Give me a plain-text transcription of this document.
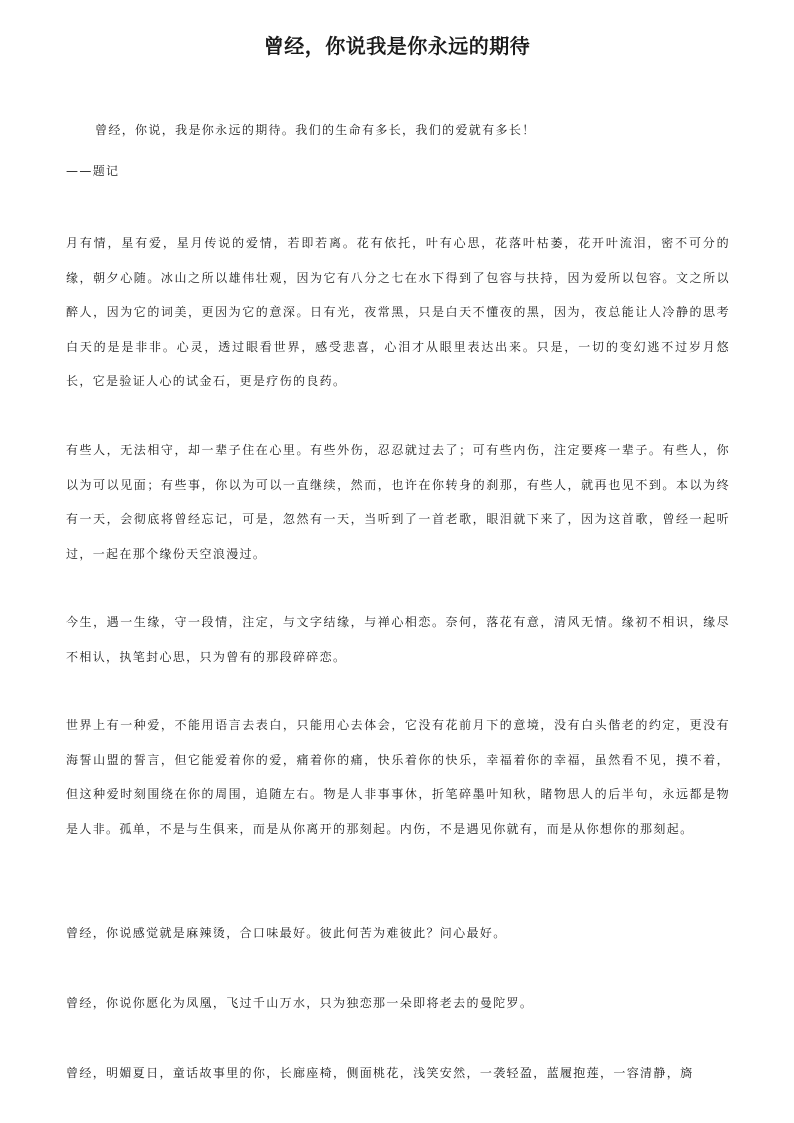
曾经，你说我是你永远的期待

曾经，你说，我是你永远的期待。我们的生命有多长，我们的爱就有多长！

——题记

月有情，星有爱，星月传说的爱情，若即若离。花有依托，叶有心思，花落叶枯萎，花开叶流泪，密不可分的缘，朝夕心随。冰山之所以雄伟壮观，因为它有八分之七在水下得到了包容与扶持，因为爱所以包容。文之所以醉人，因为它的词美，更因为它的意深。日有光，夜常黑，只是白天不懂夜的黑，因为，夜总能让人冷静的思考白天的是是非非。心灵，透过眼看世界，感受悲喜，心泪才从眼里表达出来。只是，一切的变幻逃不过岁月悠长，它是验证人心的试金石，更是疗伤的良药。

有些人，无法相守，却一辈子住在心里。有些外伤，忍忍就过去了；可有些内伤，注定要疼一辈子。有些人，你以为可以见面；有些事，你以为可以一直继续，然而，也许在你转身的刹那，有些人，就再也见不到。本以为终有一天，会彻底将曾经忘记，可是，忽然有一天，当听到了一首老歌，眼泪就下来了，因为这首歌，曾经一起听过，一起在那个缘份天空浪漫过。

今生，遇一生缘，守一段情，注定，与文字结缘，与禅心相恋。奈何，落花有意，清风无情。缘初不相识，缘尽不相认，执笔封心思，只为曾有的那段碎碎恋。

世界上有一种爱，不能用语言去表白，只能用心去体会，它没有花前月下的意境，没有白头偕老的约定，更没有海誓山盟的誓言，但它能爱着你的爱，痛着你的痛，快乐着你的快乐，幸福着你的幸福，虽然看不见，摸不着，但这种爱时刻围绕在你的周围，追随左右。物是人非事事休，折笔碎墨叶知秋，睹物思人的后半句，永远都是物是人非。孤单，不是与生俱来，而是从你离开的那刻起。内伤，不是遇见你就有，而是从你想你的那刻起。

曾经，你说感觉就是麻辣烫，合口味最好。彼此何苦为难彼此？问心最好。

曾经，你说你愿化为凤凰，飞过千山万水，只为独恋那一朵即将老去的曼陀罗。

曾经，明媚夏日，童话故事里的你，长廊座椅，侧面桃花，浅笑安然，一袭轻盈，蓝履抱莲，一容清静，旖
